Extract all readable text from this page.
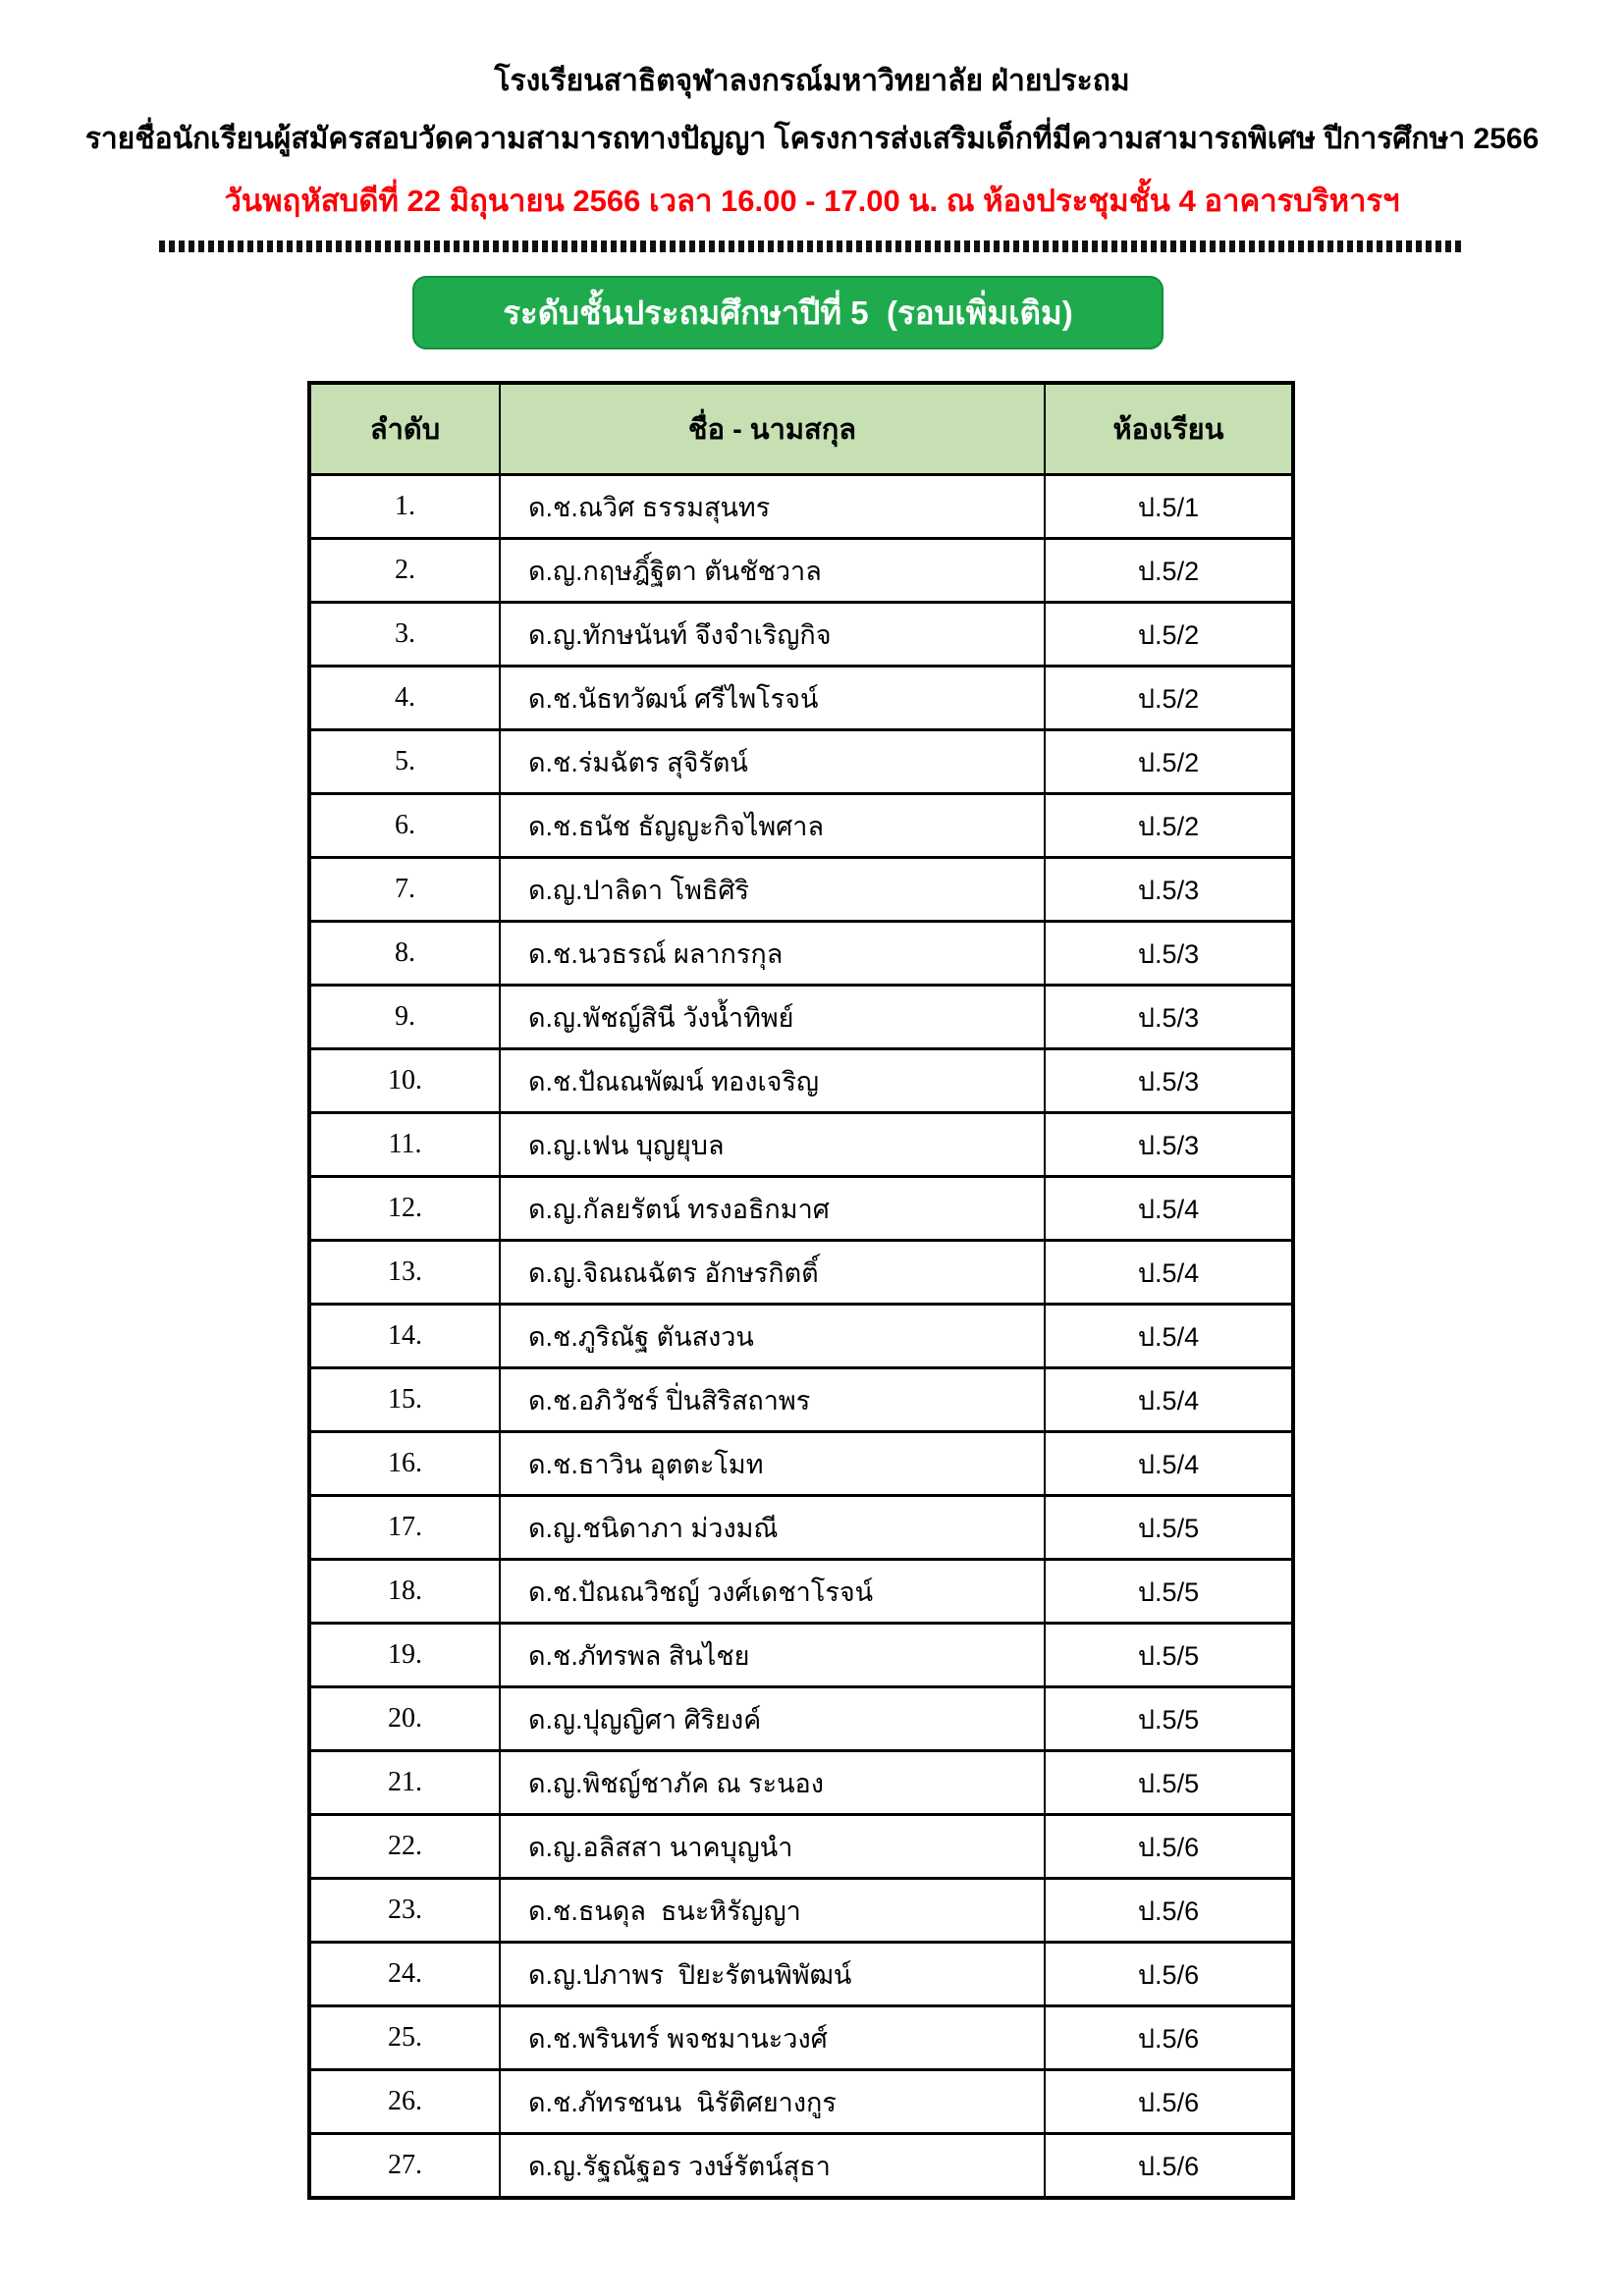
โรงเรียนสาธิตจุฬาลงกรณ์มหาวิทยาลัย ฝ่ายประถม
รายชื่อนักเรียนผู้สมัครสอบวัดความสามารถทางปัญญา โครงการส่งเสริมเด็กที่มีความสามารถพิเศษ ปีการศึกษา 2566
วันพฤหัสบดีที่ 22 มิถุนายน 2566 เวลา 16.00 - 17.00 น. ณ ห้องประชุมชั้น 4 อาคารบริหารฯ
ระดับชั้นประถมศึกษาปีที่ 5  (รอบเพิ่มเติม)
ลำดับ	ชื่อ - นามสกุล	ห้องเรียน
1.	ด.ช.ณวิศ ธรรมสุนทร	ป.5/1
2.	ด.ญ.กฤษฎิ์ฐิตา ตันชัชวาล	ป.5/2
3.	ด.ญ.ทักษนันท์ จึงจำเริญกิจ	ป.5/2
4.	ด.ช.นัธทวัฒน์ ศรีไพโรจน์	ป.5/2
5.	ด.ช.ร่มฉัตร สุจิรัตน์	ป.5/2
6.	ด.ช.ธนัช ธัญญะกิจไพศาล	ป.5/2
7.	ด.ญ.ปาลิดา โพธิศิริ	ป.5/3
8.	ด.ช.นวธรณ์ ผลากรกุล	ป.5/3
9.	ด.ญ.พัชญ์สินี วังน้ำทิพย์	ป.5/3
10.	ด.ช.ปัณณพัฒน์ ทองเจริญ	ป.5/3
11.	ด.ญ.เฟน บุญยุบล	ป.5/3
12.	ด.ญ.กัลยรัตน์ ทรงอธิกมาศ	ป.5/4
13.	ด.ญ.จิณณฉัตร อักษรกิตติ์	ป.5/4
14.	ด.ช.ภูริณัฐ ตันสงวน	ป.5/4
15.	ด.ช.อภิวัชร์ ปิ่นสิริสถาพร	ป.5/4
16.	ด.ช.ธาวิน อุตตะโมท	ป.5/4
17.	ด.ญ.ชนิดาภา ม่วงมณี	ป.5/5
18.	ด.ช.ปัณณวิชญ์ วงศ์เดชาโรจน์	ป.5/5
19.	ด.ช.ภัทรพล สินไชย	ป.5/5
20.	ด.ญ.ปุญญิศา ศิริยงค์	ป.5/5
21.	ด.ญ.พิชญ์ชาภัค ณ ระนอง	ป.5/5
22.	ด.ญ.อลิสสา นาคบุญนำ	ป.5/6
23.	ด.ช.ธนดุล  ธนะหิรัญญา	ป.5/6
24.	ด.ญ.ปภาพร  ปิยะรัตนพิพัฒน์	ป.5/6
25.	ด.ช.พรินทร์ พจชมานะวงศ์	ป.5/6
26.	ด.ช.ภัทรชนน  นิรัติศยางกูร	ป.5/6
27.	ด.ญ.รัฐณัฐอร วงษ์รัตน์สุธา	ป.5/6
